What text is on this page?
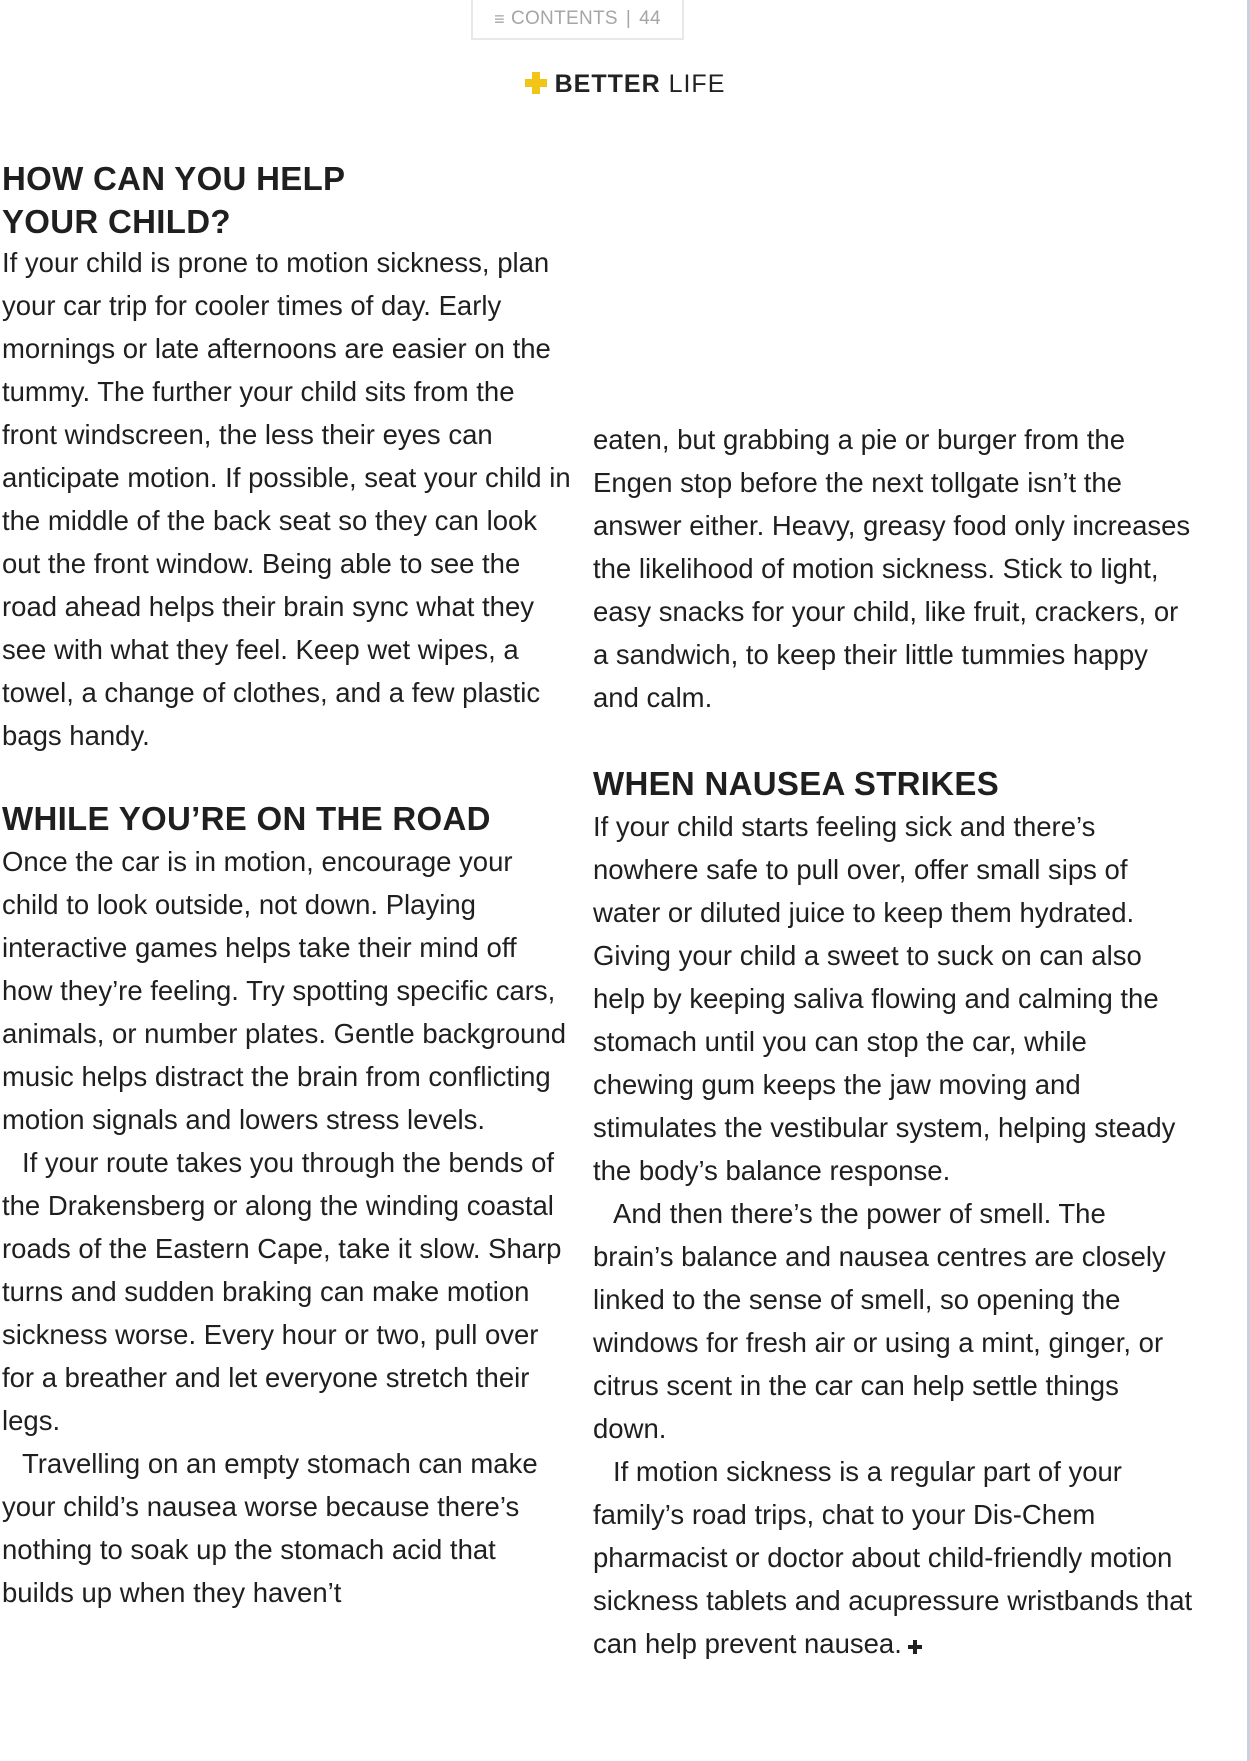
≡ CONTENTS | 44
BETTER LIFE
HOW CAN YOU HELP YOUR CHILD?

If your child is prone to motion sickness, plan your car trip for cooler times of day. Early mornings or late afternoons are easier on the tummy. The further your child sits from the front windscreen, the less their eyes can anticipate motion. If possible, seat your child in the middle of the back seat so they can look out the front window. Being able to see the road ahead helps their brain sync what they see with what they feel. Keep wet wipes, a towel, a change of clothes, and a few plastic bags handy.

WHILE YOU’RE ON THE ROAD

Once the car is in motion, encourage your child to look outside, not down. Playing interactive games helps take their mind off how they’re feeling. Try spotting specific cars, animals, or number plates. Gentle background music helps distract the brain from conflicting motion signals and lowers stress levels.

If your route takes you through the bends of the Drakensberg or along the winding coastal roads of the Eastern Cape, take it slow. Sharp turns and sudden braking can make motion sickness worse. Every hour or two, pull over for a breather and let everyone stretch their legs.

Travelling on an empty stomach can make your child’s nausea worse because there’s nothing to soak up the stomach acid that builds up when they haven’t

eaten, but grabbing a pie or burger from the Engen stop before the next tollgate isn’t the answer either. Heavy, greasy food only increases the likelihood of motion sickness. Stick to light, easy snacks for your child, like fruit, crackers, or a sandwich, to keep their little tummies happy and calm.

WHEN NAUSEA STRIKES

If your child starts feeling sick and there’s nowhere safe to pull over, offer small sips of water or diluted juice to keep them hydrated. Giving your child a sweet to suck on can also help by keeping saliva flowing and calming the stomach until you can stop the car, while chewing gum keeps the jaw moving and stimulates the vestibular system, helping steady the body’s balance response.

And then there’s the power of smell. The brain’s balance and nausea centres are closely linked to the sense of smell, so opening the windows for fresh air or using a mint, ginger, or citrus scent in the car can help settle things down.

If motion sickness is a regular part of your family’s road trips, chat to your Dis-Chem pharmacist or doctor about child-friendly motion sickness tablets and acupressure wristbands that can help prevent nausea.
